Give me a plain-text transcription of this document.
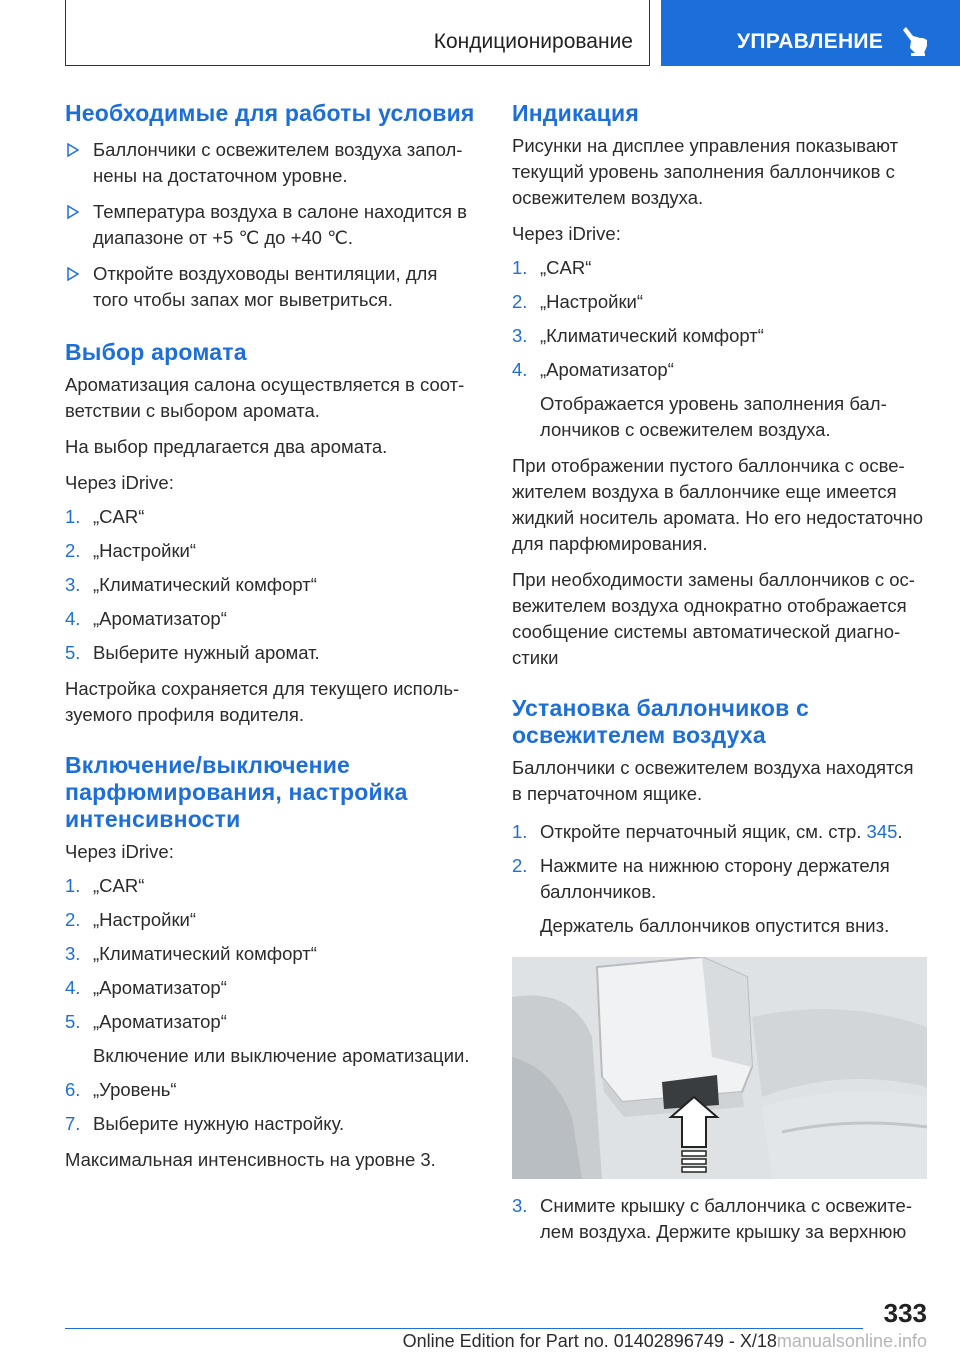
Кондиционирование	УПРАВЛЕНИЕ
Необходимые для работы условия
Баллончики с освежителем воздуха заполнены на достаточном уровне.
Температура воздуха в салоне находится в диапазоне от +5 ℃ до +40 ℃.
Откройте воздуховоды вентиляции, для того чтобы запах мог выветриться.
Выбор аромата

Ароматизация салона осуществляется в соответствии с выбором аромата.

На выбор предлагается два аромата.

Через iDrive:

1. „CAR“
2. „Настройки“
3. „Климатический комфорт“
4. „Ароматизатор“
5. Выберите нужный аромат.

Настройка сохраняется для текущего используемого профиля водителя.

Включение/выключение парфюмирования, настройка интенсивности

Через iDrive:

1. „CAR“
2. „Настройки“
3. „Климатический комфорт“
4. „Ароматизатор“
5. „Ароматизатор“
Включение или выключение ароматизации.
6. „Уровень“
7. Выберите нужную настройку.

Максимальная интенсивность на уровне 3.

Индикация

Рисунки на дисплее управления показывают текущий уровень заполнения баллончиков с освежителем воздуха.

Через iDrive:

1. „CAR“
2. „Настройки“
3. „Климатический комфорт“
4. „Ароматизатор“
Отображается уровень заполнения баллончиков с освежителем воздуха.

При отображении пустого баллончика с освежителем воздуха в баллончике еще имеется жидкий носитель аромата. Но его недостаточно для парфюмирования.

При необходимости замены баллончиков с освежителем воздуха однократно отображается сообщение системы автоматической диагностики

Установка баллончиков с освежителем воздуха

Баллончики с освежителем воздуха находятся в перчаточном ящике.

1. Откройте перчаточный ящик, см. стр. 345.
2. Нажмите на нижнюю сторону держателя баллончиков.
Держатель баллончиков опустится вниз.
3. Снимите крышку с баллончика с освежителем воздуха. Держите крышку за верхнюю
333
Online Edition for Part no. 01402896749 - X/18manualsonline.info
